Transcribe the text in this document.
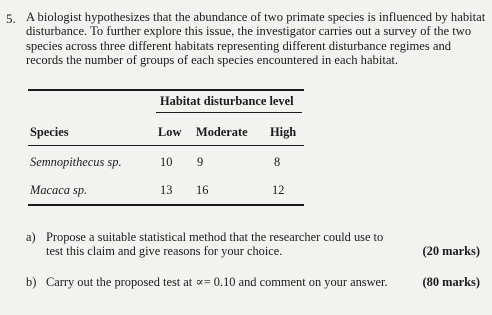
5. A biologist hypothesizes that the abundance of two primate species is influenced by habitat disturbance. To further explore this issue, the investigator carries out a survey of the two species across three different habitats representing different disturbance regimes and records the number of groups of each species encountered in each habitat.
Habitat disturbance level
Species	Low Moderate High
Semnopithecus sp.	10 9	8
Macaca sp.	13 16	12
a) Propose a suitable statistical method that the researcher could use to
test this claim and give reasons for your choice.	(20 marks)
b) Carry out the proposed test at ∝= 0.10 and comment on your answer.	(80 marks)
